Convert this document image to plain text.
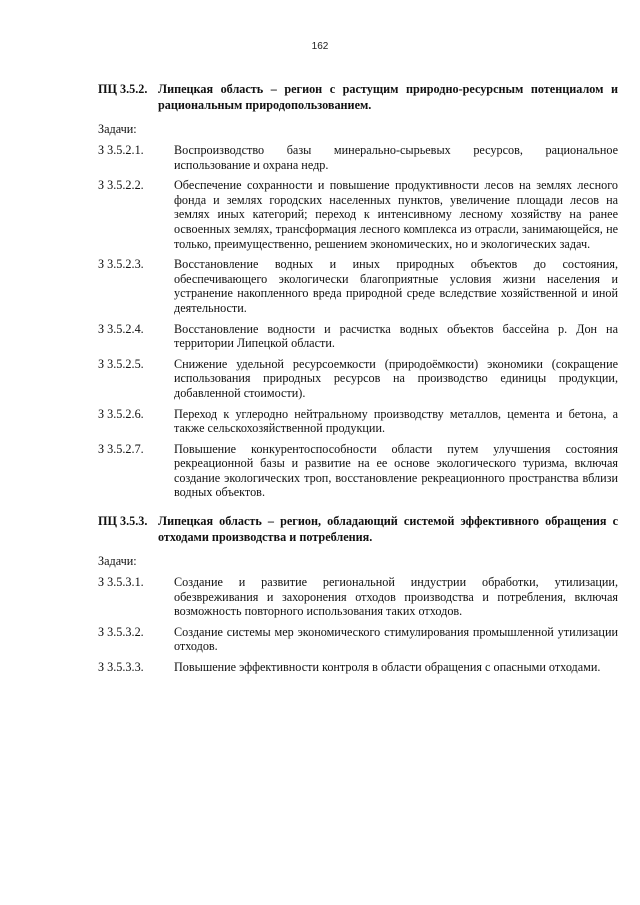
162
ПЦ 3.5.2. Липецкая область – регион с растущим природно-ресурсным потенциалом и рациональным природопользованием.
Задачи:
З 3.5.2.1.	Воспроизводство базы минерально-сырьевых ресурсов, рациональное использование и охрана недр.
З 3.5.2.2.	Обеспечение сохранности и повышение продуктивности лесов на землях лесного фонда и землях городских населенных пунктов, увеличение площади лесов на землях иных категорий; переход к интенсивному лесному хозяйству на ранее освоенных землях, трансформация лесного комплекса из отрасли, занимающейся, не только, преимущественно, решением экономических, но и экологических задач.
З 3.5.2.3.	Восстановление водных и иных природных объектов до состояния, обеспечивающего экологически благоприятные условия жизни населения и устранение накопленного вреда природной среде вследствие хозяйственной и иной деятельности.
З 3.5.2.4.	Восстановление водности и расчистка водных объектов бассейна р. Дон на территории Липецкой области.
З 3.5.2.5.	Снижение удельной ресурсоемкости (природоёмкости) экономики (сокращение использования природных ресурсов на производство единицы продукции, добавленной стоимости).
З 3.5.2.6.	Переход к углеродно нейтральному производству металлов, цемента и бетона, а также сельскохозяйственной продукции.
З 3.5.2.7.	Повышение конкурентоспособности области путем улучшения состояния рекреационной базы и развитие на ее основе экологического туризма, включая создание экологических троп, восстановление рекреационного пространства вблизи водных объектов.
ПЦ 3.5.3. Липецкая область – регион, обладающий системой эффективного обращения с отходами производства и потребления.
Задачи:
З 3.5.3.1.	Создание и развитие региональной индустрии обработки, утилизации, обезвреживания и захоронения отходов производства и потребления, включая возможность повторного использования таких отходов.
З 3.5.3.2.	Создание системы мер экономического стимулирования промышленной утилизации отходов.
З 3.5.3.3.	Повышение эффективности контроля в области обращения с опасными отходами.
